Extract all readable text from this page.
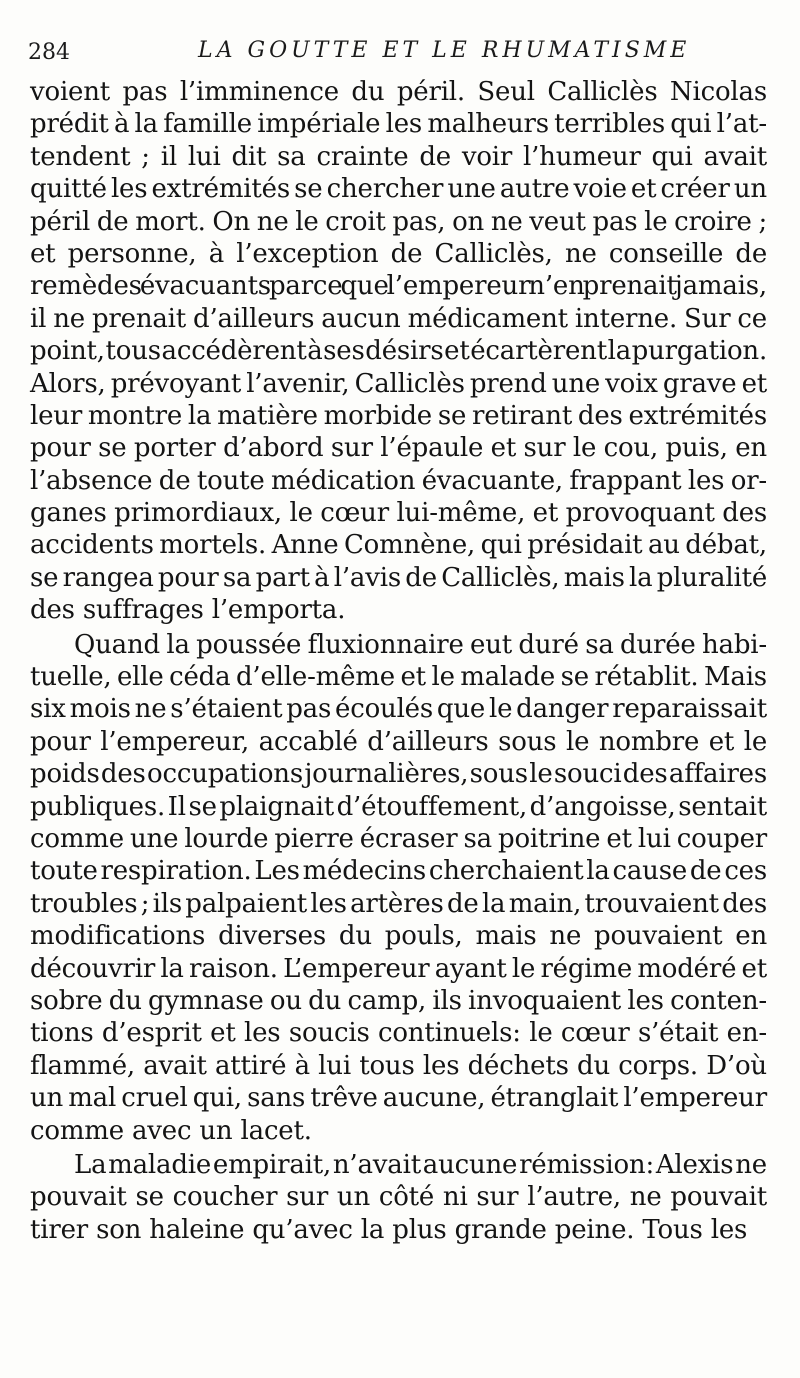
284	LA GOUTTE ET LE RHUMATISME
voient pas l’imminence du péril. Seul Calliclès Nicolas
prédit à la famille impériale les malheurs terribles qui l’at-
tendent ; il lui dit sa crainte de voir l’humeur qui avait
quitté les extrémités se chercher une autre voie et créer un
péril de mort. On ne le croit pas, on ne veut pas le croire ;
et personne, à l’exception de Calliclès, ne conseille de
remèdes évacuants parce que l’empereur n’en prenait jamais,
il ne prenait d’ailleurs aucun médicament interne. Sur ce
point, tous accédèrent à ses désirs et écartèrent la purgation.
Alors, prévoyant l’avenir, Calliclès prend une voix grave et
leur montre la matière morbide se retirant des extrémités
pour se porter d’abord sur l’épaule et sur le cou, puis, en
l’absence de toute médication évacuante, frappant les or-
ganes primordiaux, le cœur lui-même, et provoquant des
accidents mortels. Anne Comnène, qui présidait au débat,
se rangea pour sa part à l’avis de Calliclès, mais la pluralité
des suffrages l’emporta.
Quand la poussée fluxionnaire eut duré sa durée habi-
tuelle, elle céda d’elle-même et le malade se rétablit. Mais
six mois ne s’étaient pas écoulés que le danger reparaissait
pour l’empereur, accablé d’ailleurs sous le nombre et le
poids des occupations journalières, sous le souci des affaires
publiques. Il se plaignait d’étouffement, d’angoisse, sentait
comme une lourde pierre écraser sa poitrine et lui couper
toute respiration. Les médecins cherchaient la cause de ces
troubles ; ils palpaient les artères de la main, trouvaient des
modifications diverses du pouls, mais ne pouvaient en
découvrir la raison. L’empereur ayant le régime modéré et
sobre du gymnase ou du camp, ils invoquaient les conten-
tions d’esprit et les soucis continuels: le cœur s’était en-
flammé, avait attiré à lui tous les déchets du corps. D’où
un mal cruel qui, sans trêve aucune, étranglait l’empereur
comme avec un lacet.
La maladie empirait, n’avait aucune rémission: Alexis ne
pouvait se coucher sur un côté ni sur l’autre, ne pouvait
tirer son haleine qu’avec la plus grande peine. Tous les
